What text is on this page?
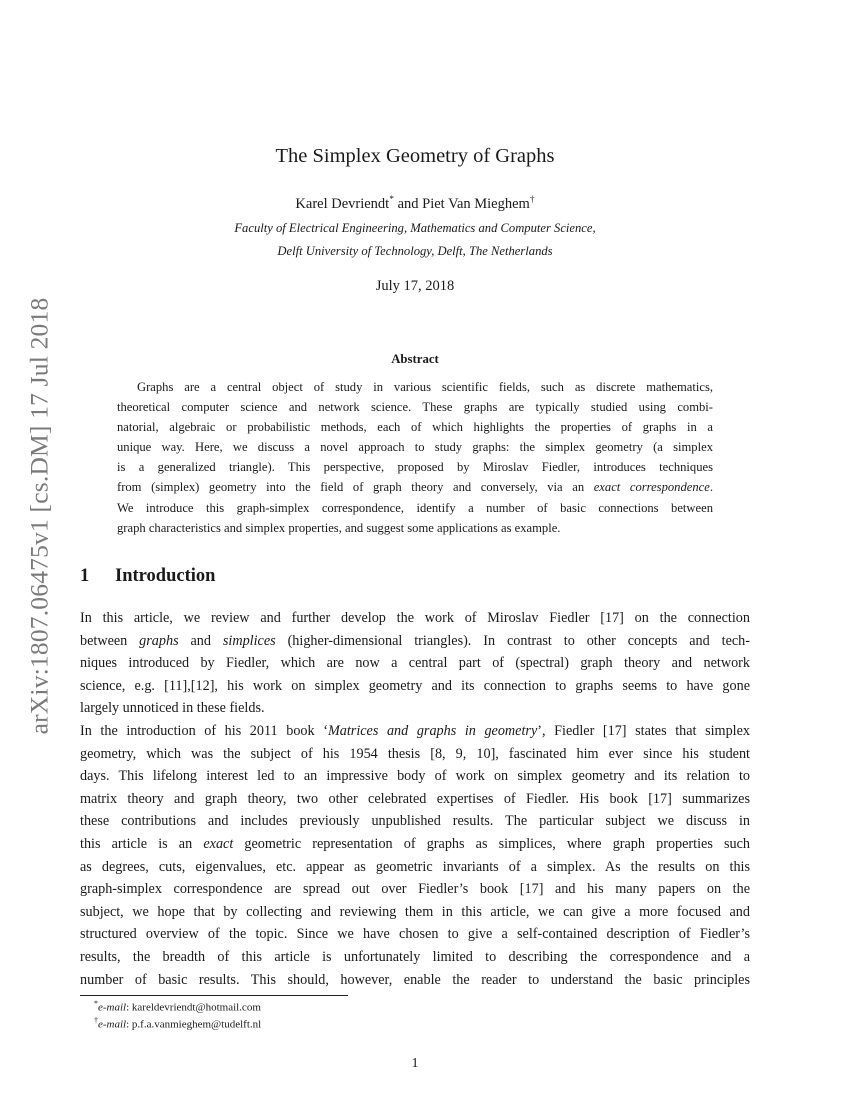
arXiv:1807.06475v1 [cs.DM] 17 Jul 2018
The Simplex Geometry of Graphs
Karel Devriendt* and Piet Van Mieghem†
Faculty of Electrical Engineering, Mathematics and Computer Science,
Delft University of Technology, Delft, The Netherlands
July 17, 2018
Abstract
Graphs are a central object of study in various scientific fields, such as discrete mathematics,
theoretical computer science and network science. These graphs are typically studied using combi-
natorial, algebraic or probabilistic methods, each of which highlights the properties of graphs in a
unique way. Here, we discuss a novel approach to study graphs: the simplex geometry (a simplex
is a generalized triangle). This perspective, proposed by Miroslav Fiedler, introduces techniques
from (simplex) geometry into the field of graph theory and conversely, via an exact correspondence.
We introduce this graph-simplex correspondence, identify a number of basic connections between
graph characteristics and simplex properties, and suggest some applications as example.
1 Introduction
In this article, we review and further develop the work of Miroslav Fiedler [17] on the connection
between graphs and simplices (higher-dimensional triangles). In contrast to other concepts and tech-
niques introduced by Fiedler, which are now a central part of (spectral) graph theory and network
science, e.g. [11],[12], his work on simplex geometry and its connection to graphs seems to have gone
largely unnoticed in these fields.
In the introduction of his 2011 book ‘Matrices and graphs in geometry’, Fiedler [17] states that simplex
geometry, which was the subject of his 1954 thesis [8, 9, 10], fascinated him ever since his student
days. This lifelong interest led to an impressive body of work on simplex geometry and its relation to
matrix theory and graph theory, two other celebrated expertises of Fiedler. His book [17] summarizes
these contributions and includes previously unpublished results. The particular subject we discuss in
this article is an exact geometric representation of graphs as simplices, where graph properties such
as degrees, cuts, eigenvalues, etc. appear as geometric invariants of a simplex. As the results on this
graph-simplex correspondence are spread out over Fiedler’s book [17] and his many papers on the
subject, we hope that by collecting and reviewing them in this article, we can give a more focused and
structured overview of the topic. Since we have chosen to give a self-contained description of Fiedler’s
results, the breadth of this article is unfortunately limited to describing the correspondence and a
number of basic results. This should, however, enable the reader to understand the basic principles
*e-mail: kareldevriendt@hotmail.com
†e-mail: p.f.a.vanmieghem@tudelft.nl
1
